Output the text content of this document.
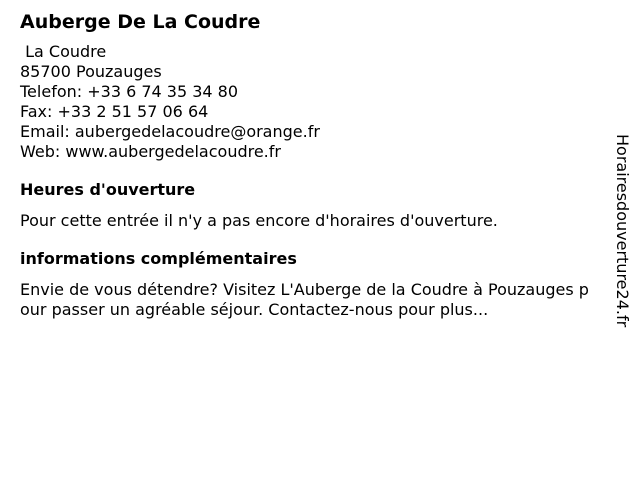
Auberge De La Coudre
La Coudre
85700 Pouzauges
Telefon: +33 6 74 35 34 80
Fax: +33 2 51 57 06 64
Email: aubergedelacoudre@orange.fr
Web: www.aubergedelacoudre.fr
Heures d'ouverture
Pour cette entrée il n'y a pas encore d'horaires d'ouverture.
informations complémentaires
Envie de vous détendre? Visitez L'Auberge de la Coudre à Pouzauges pour passer un agréable séjour. Contactez-nous pour plus...	Horairesdouverture24.fr
